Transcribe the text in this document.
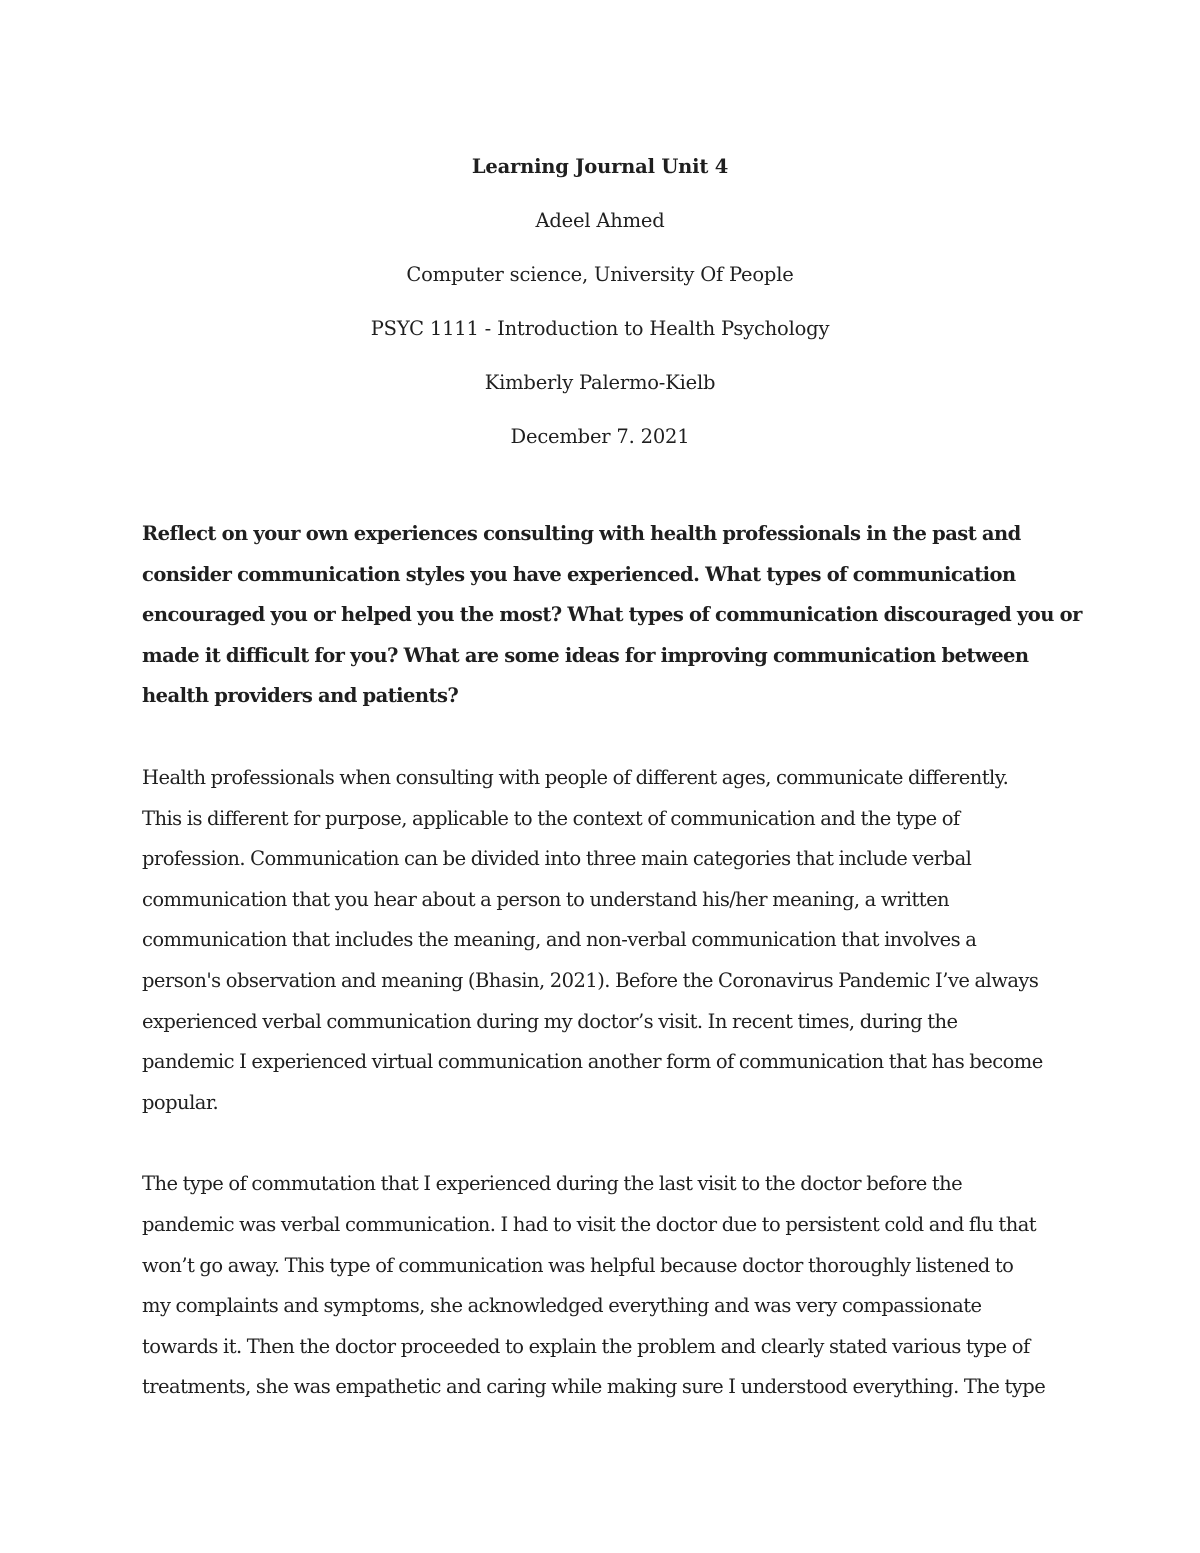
Learning Journal Unit 4
Adeel Ahmed
Computer science, University Of People
PSYC 1111 - Introduction to Health Psychology
Kimberly Palermo-Kielb
December 7. 2021

Reflect on your own experiences consulting with health professionals in the past and

consider communication styles you have experienced. What types of communication

encouraged you or helped you the most? What types of communication discouraged you or

made it difficult for you? What are some ideas for improving communication between

health providers and patients?

Health professionals when consulting with people of different ages, communicate differently.

This is different for purpose, applicable to the context of communication and the type of

profession. Communication can be divided into three main categories that include verbal

communication that you hear about a person to understand his/her meaning, a written

communication that includes the meaning, and non-verbal communication that involves a

person's observation and meaning (Bhasin, 2021). Before the Coronavirus Pandemic I’ve always

experienced verbal communication during my doctor’s visit. In recent times, during the

pandemic I experienced virtual communication another form of communication that has become

popular.

The type of commutation that I experienced during the last visit to the doctor before the

pandemic was verbal communication. I had to visit the doctor due to persistent cold and flu that

won’t go away. This type of communication was helpful because doctor thoroughly listened to

my complaints and symptoms, she acknowledged everything and was very compassionate

towards it. Then the doctor proceeded to explain the problem and clearly stated various type of

treatments, she was empathetic and caring while making sure I understood everything. The type
